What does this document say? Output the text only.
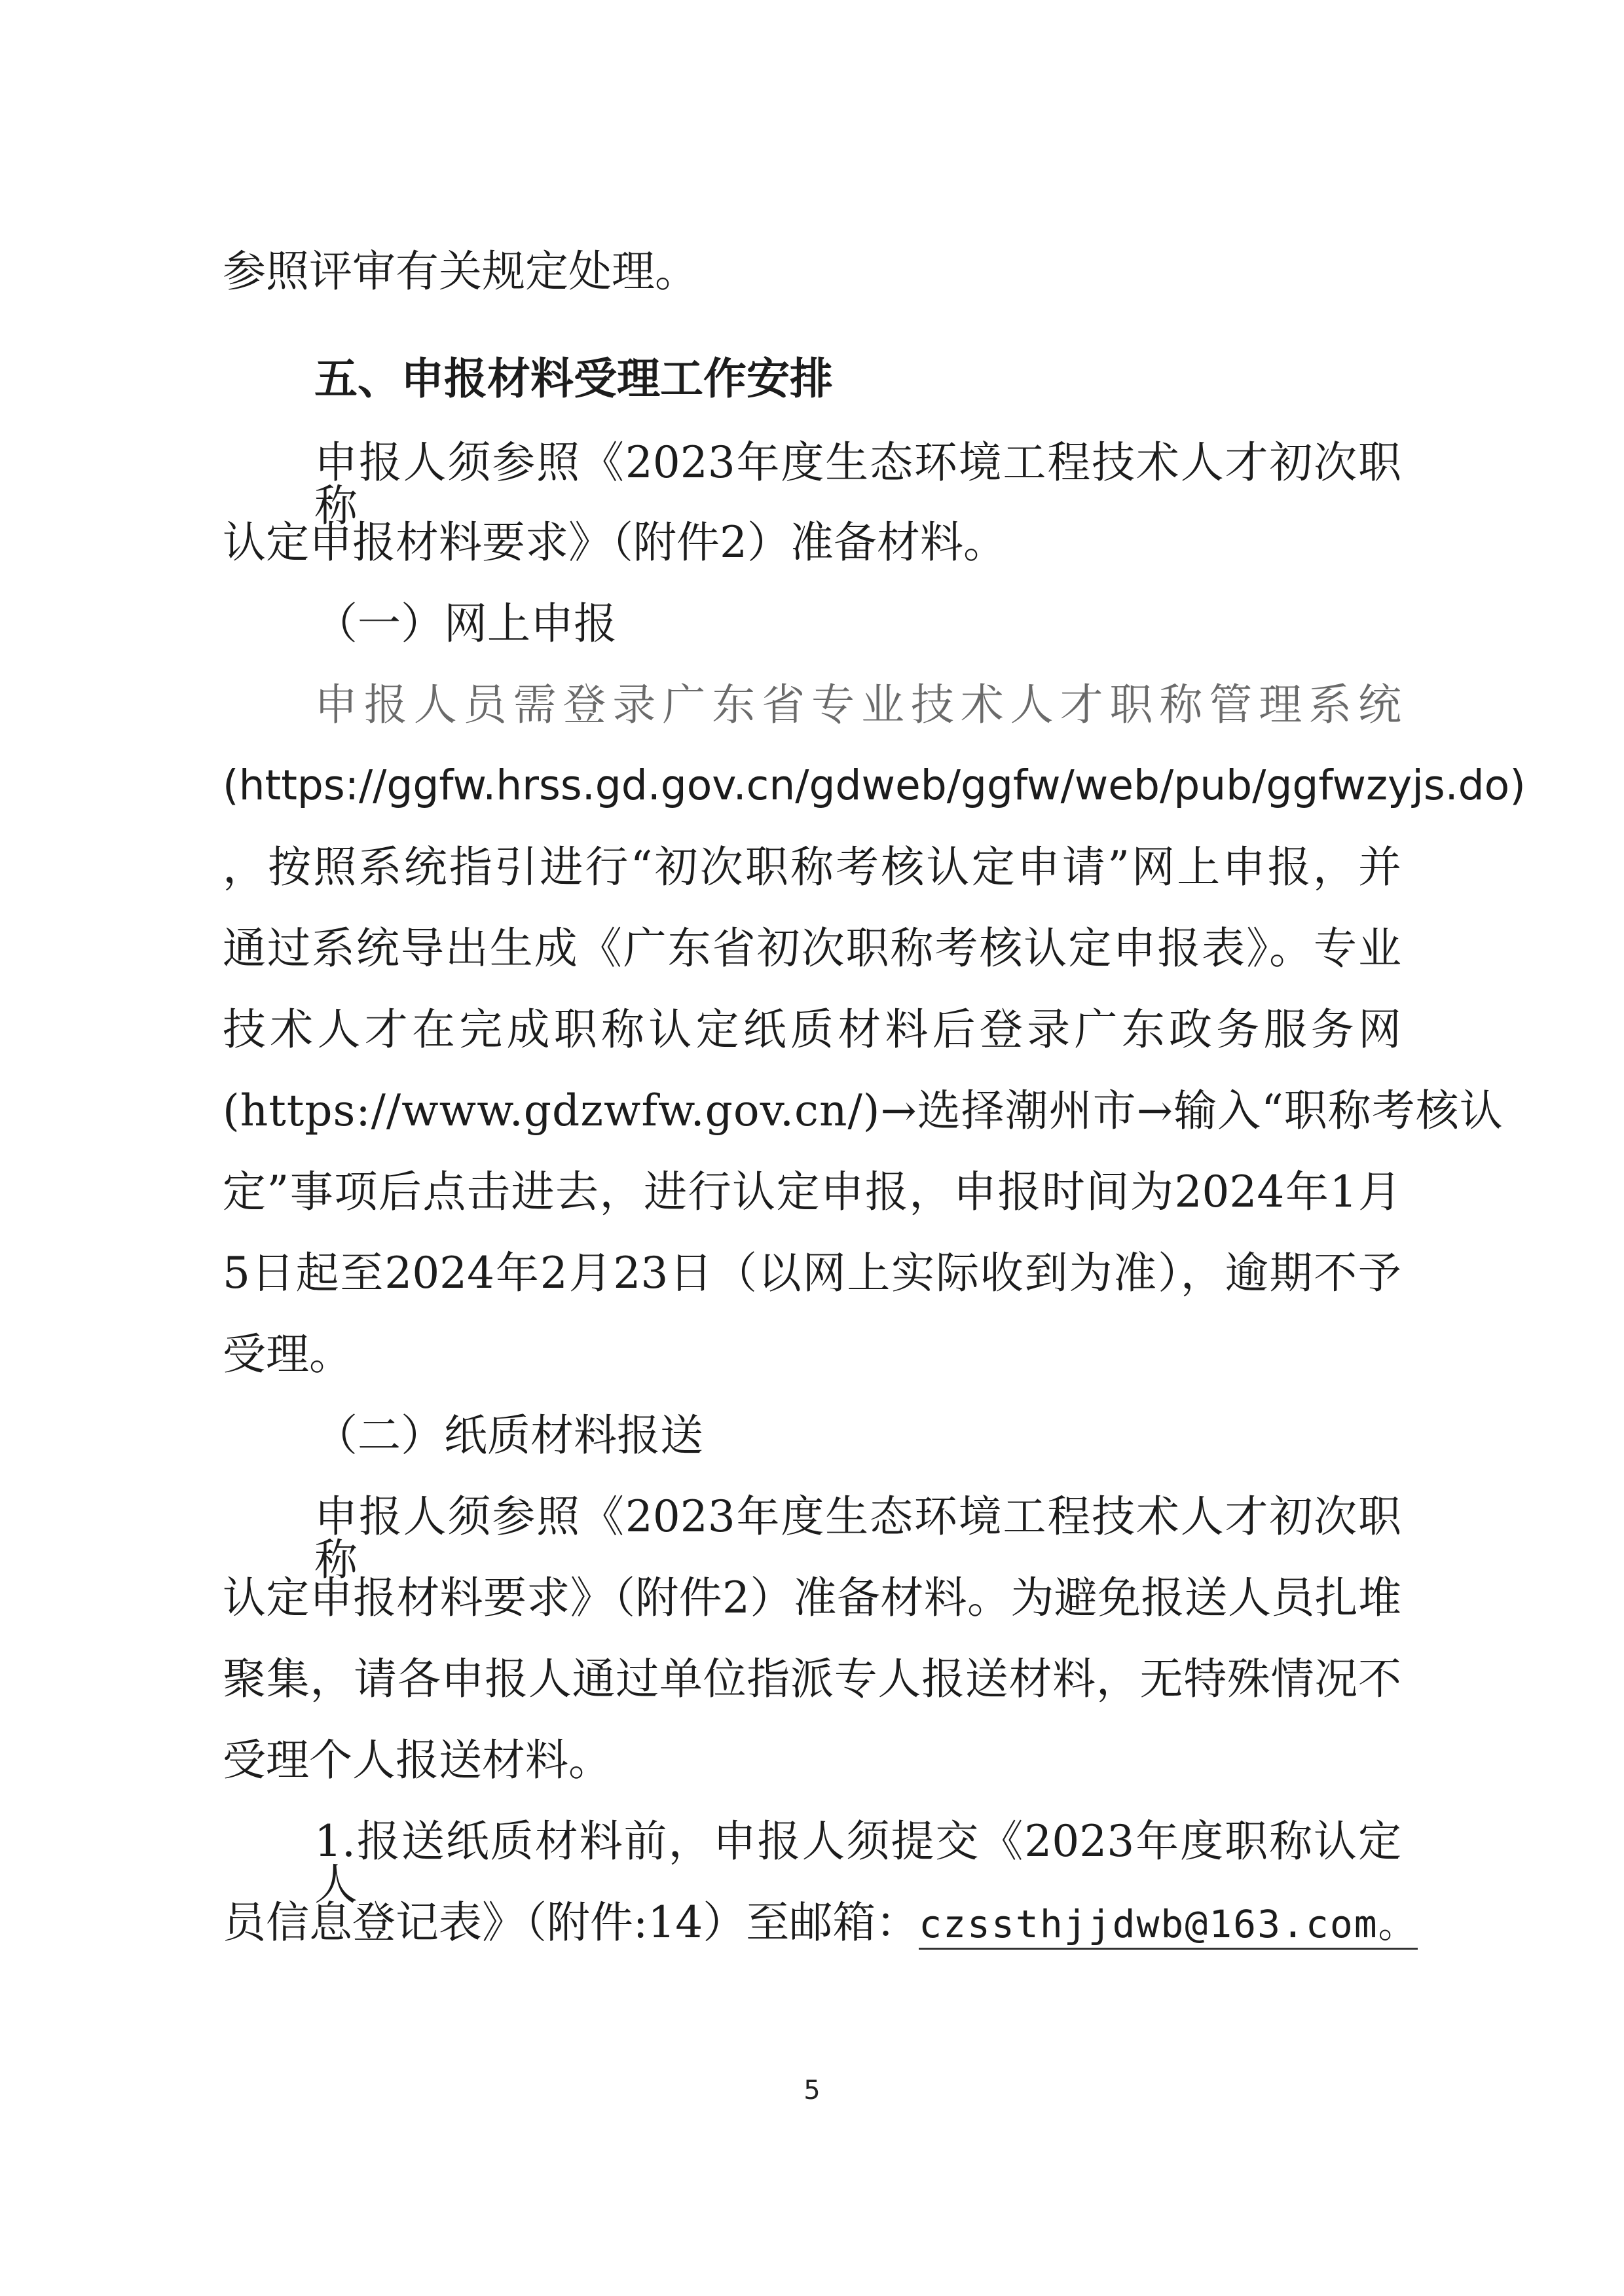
参照评审有关规定处理。
五、申报材料受理工作安排
申报人须参照《2023年度生态环境工程技术人才初次职称
认定申报材料要求》（附件2）准备材料。
（一）网上申报
申报人员需登录广东省专业技术人才职称管理系统
(https://ggfw.hrss.gd.gov.cn/gdweb/ggfw/web/pub/ggfwzyjs.do)
，按照系统指引进行“初次职称考核认定申请”网上申报，并
通过系统导出生成《广东省初次职称考核认定申报表》。专业
技术人才在完成职称认定纸质材料后登录广东政务服务网
(https://www.gdzwfw.gov.cn/)→选择潮州市→输入“职称考核认
定”事项后点击进去，进行认定申报，申报时间为2024年1月
5日起至2024年2月23日（以网上实际收到为准），逾期不予
受理。
（二）纸质材料报送
申报人须参照《2023年度生态环境工程技术人才初次职称
认定申报材料要求》（附件2）准备材料。为避免报送人员扎堆
聚集，请各申报人通过单位指派专人报送材料，无特殊情况不
受理个人报送材料。
1.报送纸质材料前，申报人须提交《2023年度职称认定人
员信息登记表》（附件:14）至邮箱：czssthjjdwb@163.com。
5
